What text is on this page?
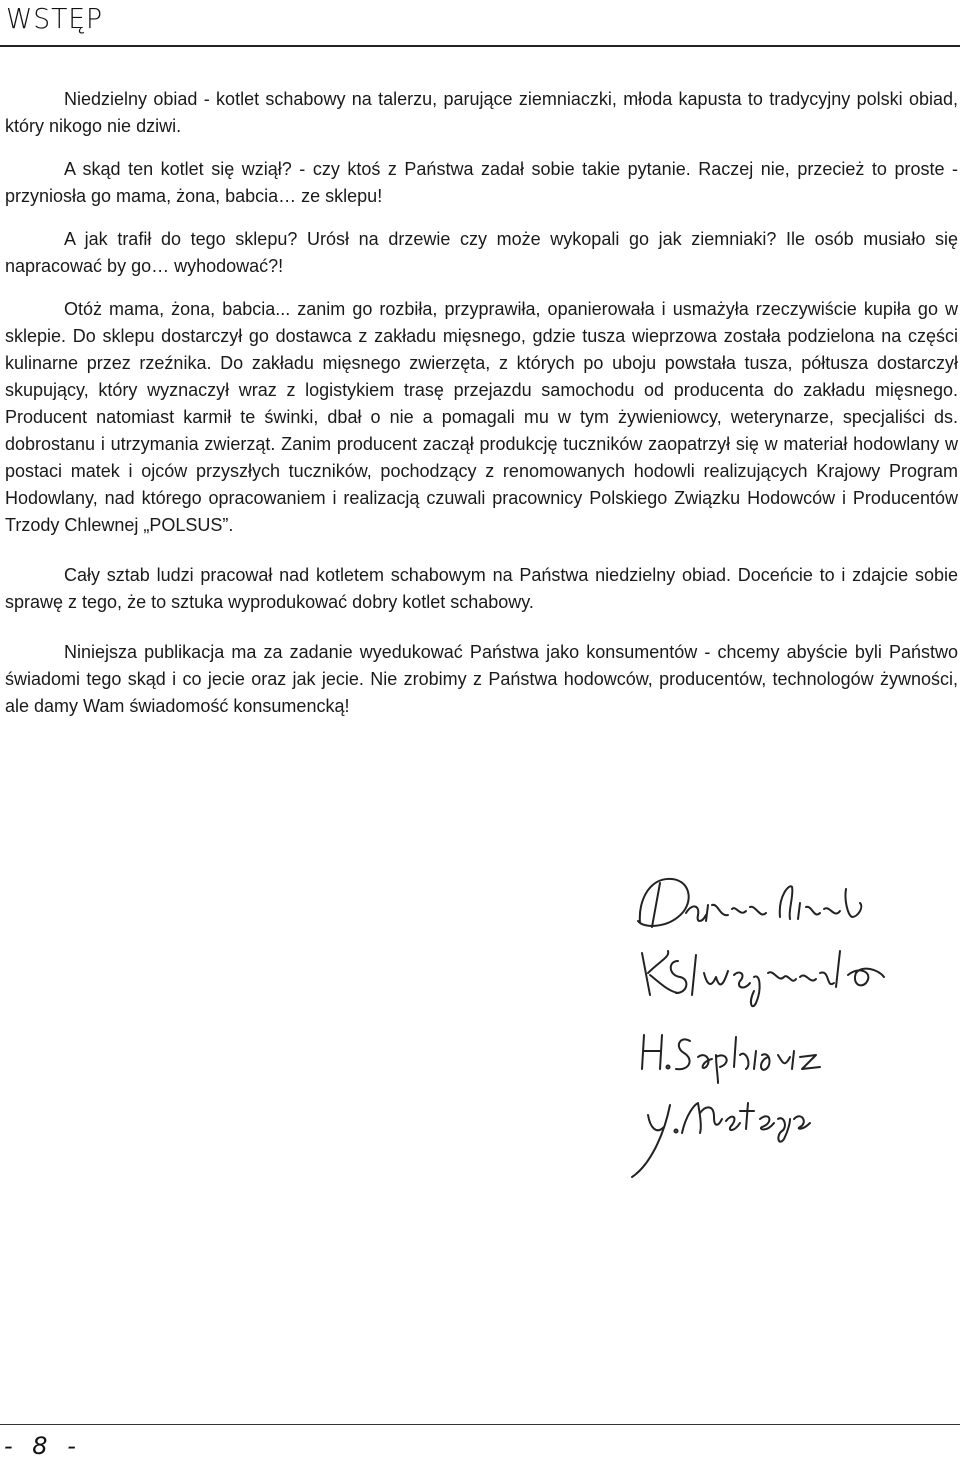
WSTĘP

Niedzielny obiad - kotlet schabowy na talerzu, parujące ziemniaczki, młoda kapusta to tradycyjny polski obiad, który nikogo nie dziwi.

A skąd ten kotlet się wziął? - czy ktoś z Państwa zadał sobie takie pytanie. Raczej nie, przecież to proste - przyniosła go mama, żona, babcia… ze sklepu!

A jak trafił do tego sklepu? Urósł na drzewie czy może wykopali go jak ziemniaki? Ile osób musiało się napracować by go… wyhodować?!

Otóż mama, żona, babcia... zanim go rozbiła, przyprawiła, opanierowała i usmażyła rzeczywiście kupiła go w sklepie. Do sklepu dostarczył go dostawca z zakładu mięsnego, gdzie tusza wieprzowa została podzielona na części kulinarne przez rzeźnika. Do zakładu mięsnego zwierzęta, z których po uboju powstała tusza, półtusza dostarczył skupujący, który wyznaczył wraz z logistykiem trasę przejazdu samochodu od producenta do zakładu mięsnego. Producent natomiast karmił te świnki, dbał o nie a pomagali mu w tym żywieniowcy, weterynarze, specjaliści ds. dobrostanu i utrzymania zwierząt. Zanim producent zaczął produkcję tuczników zaopatrzył się w materiał hodowlany w postaci matek i ojców przyszłych tuczników, pochodzący z renomowanych hodowli realizujących Krajowy Program Hodowlany, nad którego opracowaniem i realizacją czuwali pracownicy Polskiego Związku Hodowców i Producentów Trzody Chlewnej „POLSUS”.

Cały sztab ludzi pracował nad kotletem schabowym na Państwa niedzielny obiad. Doceńcie to i zdajcie sobie sprawę z tego, że to sztuka wyprodukować dobry kotlet schabowy.

Niniejsza publikacja ma za zadanie wyedukować Państwa jako konsumentów - chcemy abyście byli Państwo świadomi tego skąd i co jecie oraz jak jecie. Nie zrobimy z Państwa hodowców, producentów, technologów żywności, ale damy Wam świadomość konsumencką!

- 8 -
